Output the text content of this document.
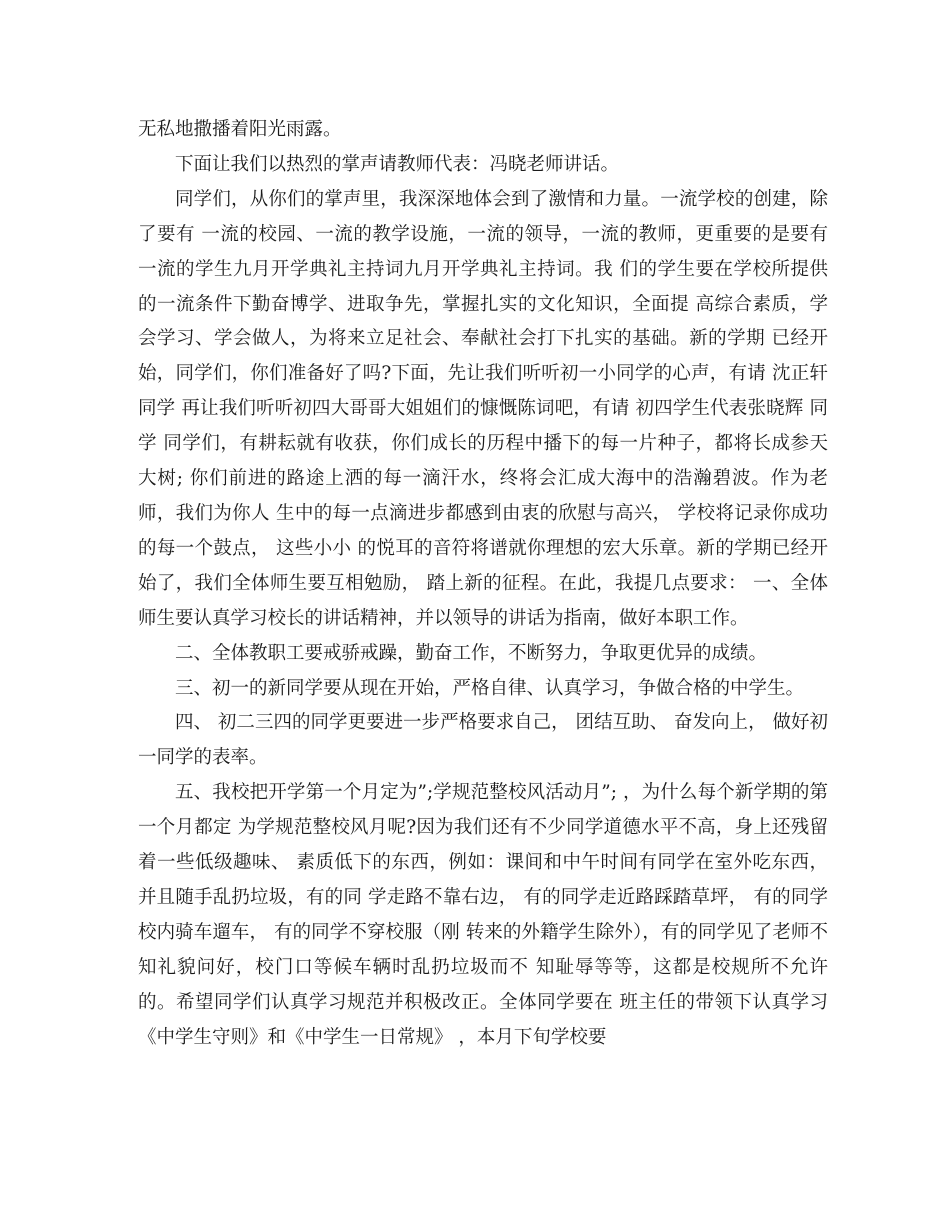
无私地撒播着阳光雨露。

下面让我们以热烈的掌声请教师代表：冯晓老师讲话。

同学们，从你们的掌声里，我深深地体会到了激情和力量。一流学校的创建，除了要有 一流的校园、一流的教学设施，一流的领导，一流的教师，更重要的是要有一流的学生九月开学典礼主持词九月开学典礼主持词。我 们的学生要在学校所提供的一流条件下勤奋博学、进取争先，掌握扎实的文化知识，全面提 高综合素质，学会学习、学会做人，为将来立足社会、奉献社会打下扎实的基础。新的学期 已经开始，同学们，你们准备好了吗?下面，先让我们听听初一小同学的心声，有请 沈正轩同学 再让我们听听初四大哥哥大姐姐们的慷慨陈词吧，有请 初四学生代表张晓辉 同学 同学们，有耕耘就有收获，你们成长的历程中播下的每一片种子，都将长成参天大树; 你们前进的路途上洒的每一滴汗水，终将会汇成大海中的浩瀚碧波。作为老师，我们为你人 生中的每一点滴进步都感到由衷的欣慰与高兴， 学校将记录你成功的每一个鼓点， 这些小小 的悦耳的音符将谱就你理想的宏大乐章。新的学期已经开始了，我们全体师生要互相勉励， 踏上新的征程。在此，我提几点要求： 一、全体师生要认真学习校长的讲话精神，并以领导的讲话为指南，做好本职工作。

二、全体教职工要戒骄戒躁，勤奋工作，不断努力，争取更优异的成绩。

三、初一的新同学要从现在开始，严格自律、认真学习，争做合格的中学生。

四、 初二三四的同学更要进一步严格要求自己， 团结互助、 奋发向上， 做好初一同学的表率。

五、我校把开学第一个月定为”;学规范整校风活动月”; ，为什么每个新学期的第一个月都定 为学规范整校风月呢?因为我们还有不少同学道德水平不高，身上还残留着一些低级趣味、 素质低下的东西，例如：课间和中午时间有同学在室外吃东西，并且随手乱扔垃圾，有的同 学走路不靠右边， 有的同学走近路踩踏草坪， 有的同学校内骑车遛车， 有的同学不穿校服（刚 转来的外籍学生除外），有的同学见了老师不知礼貌问好，校门口等候车辆时乱扔垃圾而不 知耻辱等等，这都是校规所不允许的。希望同学们认真学习规范并积极改正。全体同学要在 班主任的带领下认真学习《中学生守则》和《中学生一日常规》 ，本月下旬学校要
